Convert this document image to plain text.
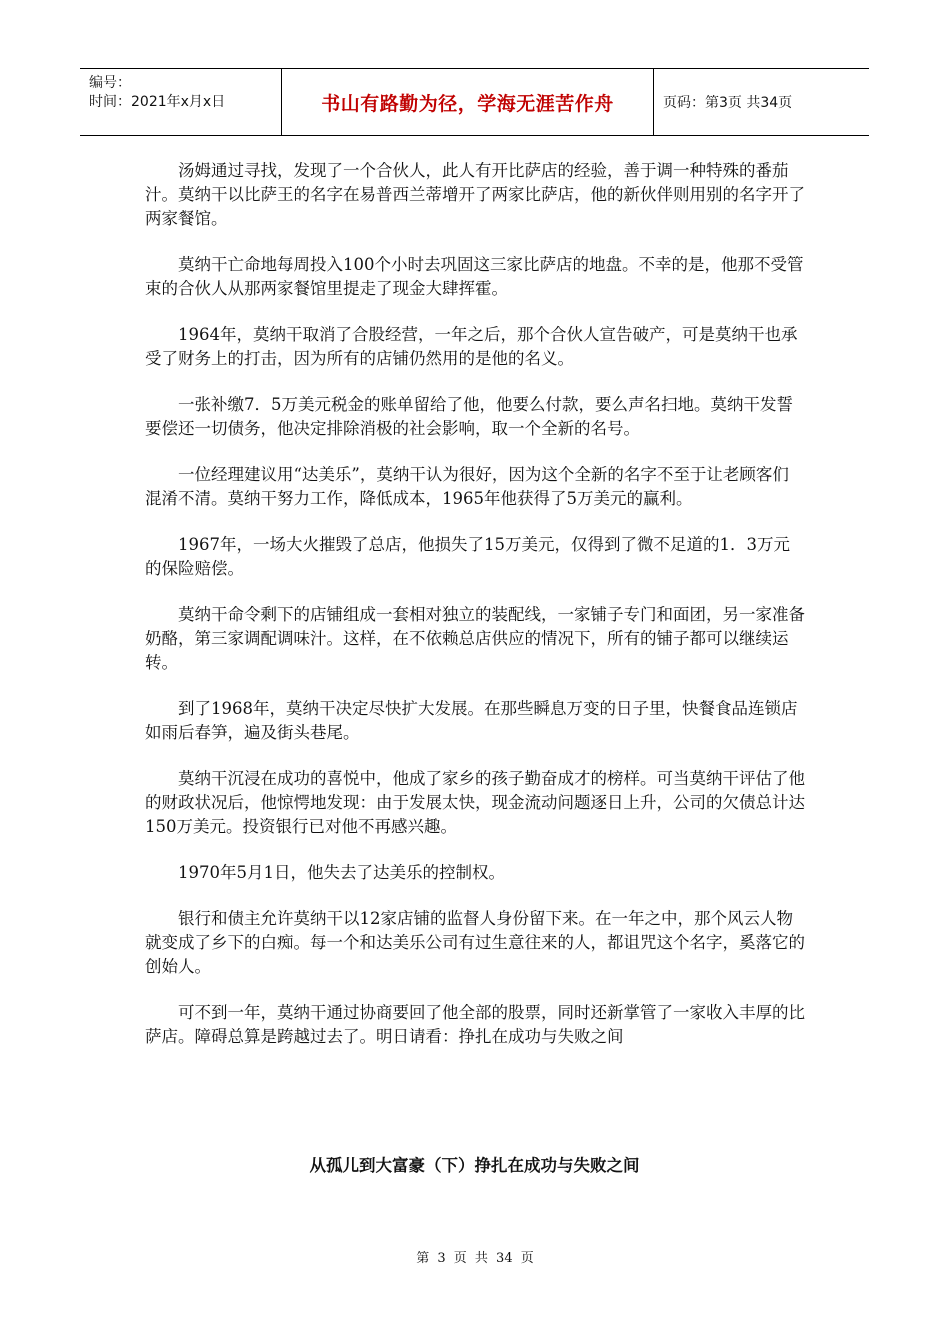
编号：
时间：2021年x月x日	书山有路勤为径，学海无涯苦作舟	页码：第3页 共34页

汤姆通过寻找，发现了一个合伙人，此人有开比萨店的经验，善于调一种特殊的番茄汁。莫纳干以比萨王的名字在易普西兰蒂增开了两家比萨店，他的新伙伴则用别的名字开了两家餐馆。

莫纳干亡命地每周投入100个小时去巩固这三家比萨店的地盘。不幸的是，他那不受管束的合伙人从那两家餐馆里提走了现金大肆挥霍。

1964年，莫纳干取消了合股经营，一年之后，那个合伙人宣告破产，可是莫纳干也承受了财务上的打击，因为所有的店铺仍然用的是他的名义。

一张补缴7．5万美元税金的账单留给了他，他要么付款，要么声名扫地。莫纳干发誓要偿还一切债务，他决定排除消极的社会影响，取一个全新的名号。

一位经理建议用“达美乐”，莫纳干认为很好，因为这个全新的名字不至于让老顾客们混淆不清。莫纳干努力工作，降低成本，1965年他获得了5万美元的赢利。

1967年，一场大火摧毁了总店，他损失了15万美元，仅得到了微不足道的1．3万元的保险赔偿。

莫纳干命令剩下的店铺组成一套相对独立的装配线，一家铺子专门和面团，另一家准备奶酪，第三家调配调味汁。这样，在不依赖总店供应的情况下，所有的铺子都可以继续运转。

到了1968年，莫纳干决定尽快扩大发展。在那些瞬息万变的日子里，快餐食品连锁店如雨后春笋，遍及街头巷尾。

莫纳干沉浸在成功的喜悦中，他成了家乡的孩子勤奋成才的榜样。可当莫纳干评估了他的财政状况后，他惊愕地发现：由于发展太快，现金流动问题逐日上升，公司的欠债总计达150万美元。投资银行已对他不再感兴趣。

1970年5月1日，他失去了达美乐的控制权。

银行和债主允许莫纳干以12家店铺的监督人身份留下来。在一年之中，那个风云人物就变成了乡下的白痴。每一个和达美乐公司有过生意往来的人，都诅咒这个名字，奚落它的创始人。

可不到一年，莫纳干通过协商要回了他全部的股票，同时还新掌管了一家收入丰厚的比萨店。障碍总算是跨越过去了。明日请看：挣扎在成功与失败之间

从孤儿到大富豪（下）挣扎在成功与失败之间
第 3 页 共 34 页
